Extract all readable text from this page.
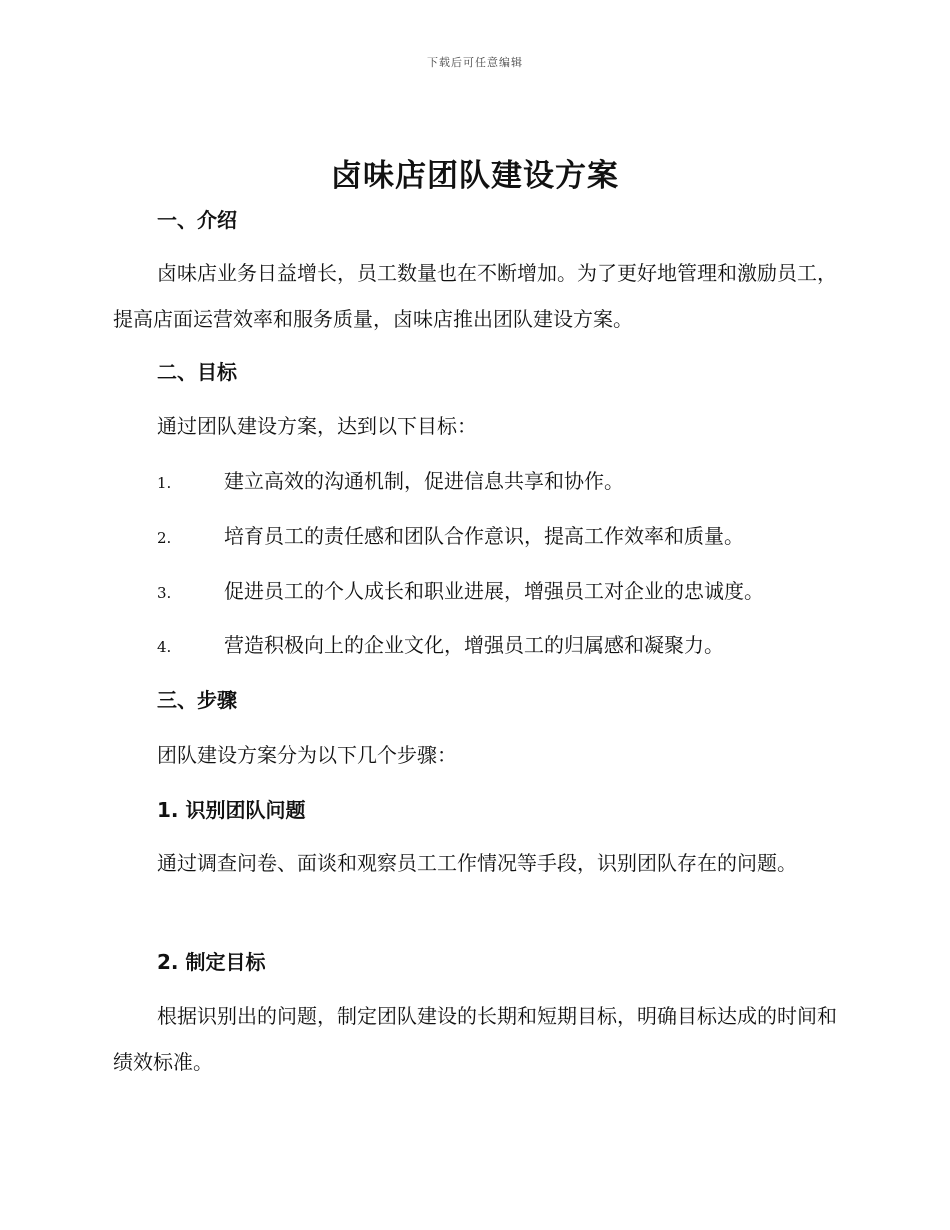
下载后可任意编辑
卤味店团队建设方案
一、介绍

卤味店业务日益增长，员工数量也在不断增加。为了更好地管理和激励员工，提高店面运营效率和服务质量，卤味店推出团队建设方案。

二、目标
通过团队建设方案，达到以下目标：
1.	建立高效的沟通机制，促进信息共享和协作。
2.	培育员工的责任感和团队合作意识，提高工作效率和质量。
3.	促进员工的个人成长和职业进展，增强员工对企业的忠诚度。
4.	营造积极向上的企业文化，增强员工的归属感和凝聚力。
三、步骤
团队建设方案分为以下几个步骤：
1. 识别团队问题

通过调查问卷、面谈和观察员工工作情况等手段，识别团队存在的问题。

2. 制定目标

根据识别出的问题，制定团队建设的长期和短期目标，明确目标达成的时间和绩效标准。
